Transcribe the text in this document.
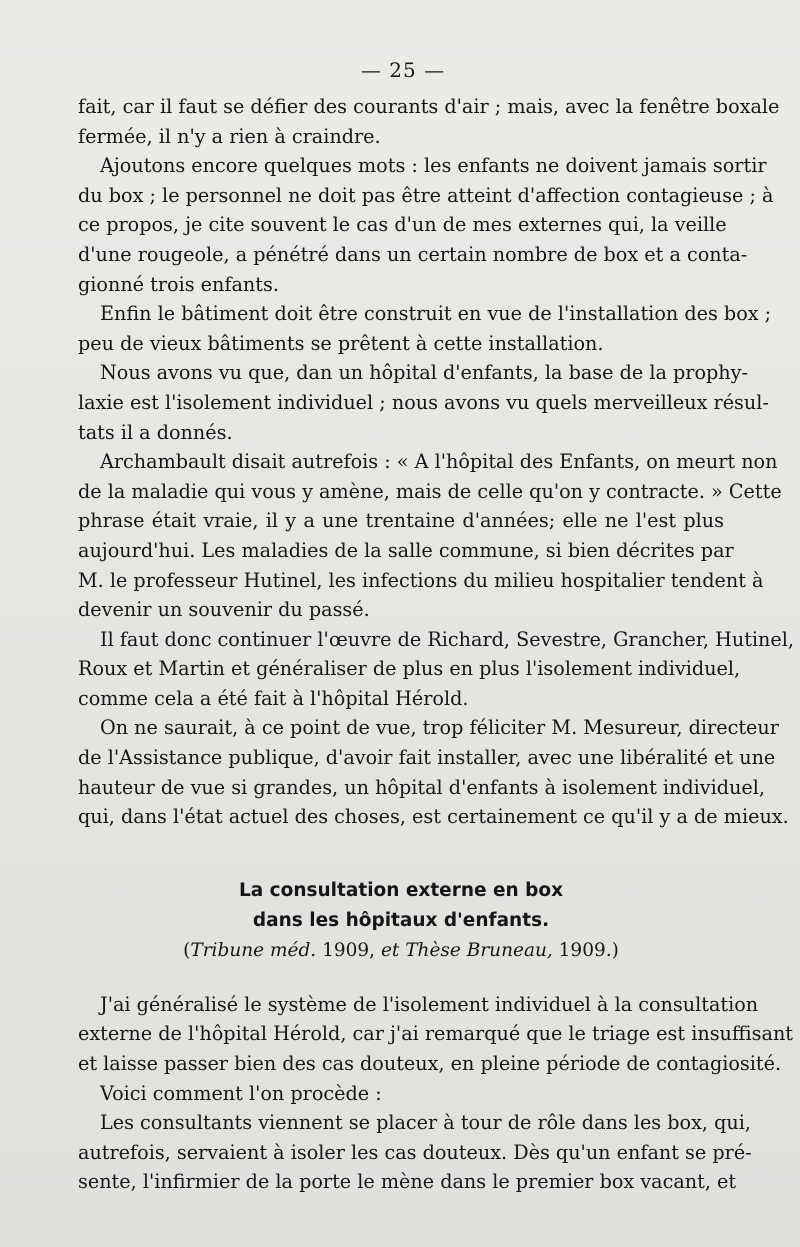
— 25 —
fait, car il faut se défier des courants d'air ; mais, avec la fenêtre boxale
fermée, il n'y a rien à craindre.
Ajoutons encore quelques mots : les enfants ne doivent jamais sortir
du box ; le personnel ne doit pas être atteint d'affection contagieuse ; à
ce propos, je cite souvent le cas d'un de mes externes qui, la veille
d'une rougeole, a pénétré dans un certain nombre de box et a conta-
gionné trois enfants.
Enfin le bâtiment doit être construit en vue de l'installation des box ;
peu de vieux bâtiments se prêtent à cette installation.
Nous avons vu que, dan un hôpital d'enfants, la base de la prophy-
laxie est l'isolement individuel ; nous avons vu quels merveilleux résul-
tats il a donnés.
Archambault disait autrefois : « A l'hôpital des Enfants, on meurt non
de la maladie qui vous y amène, mais de celle qu'on y contracte. » Cette
phrase était vraie, il y a une trentaine d'années; elle ne l'est plus
aujourd'hui. Les maladies de la salle commune, si bien décrites par
M. le professeur Hutinel, les infections du milieu hospitalier tendent à
devenir un souvenir du passé.
Il faut donc continuer l'œuvre de Richard, Sevestre, Grancher, Hutinel,
Roux et Martin et généraliser de plus en plus l'isolement individuel,
comme cela a été fait à l'hôpital Hérold.
On ne saurait, à ce point de vue, trop féliciter M. Mesureur, directeur
de l'Assistance publique, d'avoir fait installer, avec une libéralité et une
hauteur de vue si grandes, un hôpital d'enfants à isolement individuel,
qui, dans l'état actuel des choses, est certainement ce qu'il y a de mieux.
La consultation externe en box
dans les hôpitaux d'enfants.
(Tribune méd. 1909, et Thèse Bruneau, 1909.)
J'ai généralisé le système de l'isolement individuel à la consultation
externe de l'hôpital Hérold, car j'ai remarqué que le triage est insuffisant
et laisse passer bien des cas douteux, en pleine période de contagiosité.
Voici comment l'on procède :
Les consultants viennent se placer à tour de rôle dans les box, qui,
autrefois, servaient à isoler les cas douteux. Dès qu'un enfant se pré-
sente, l'infirmier de la porte le mène dans le premier box vacant, et
